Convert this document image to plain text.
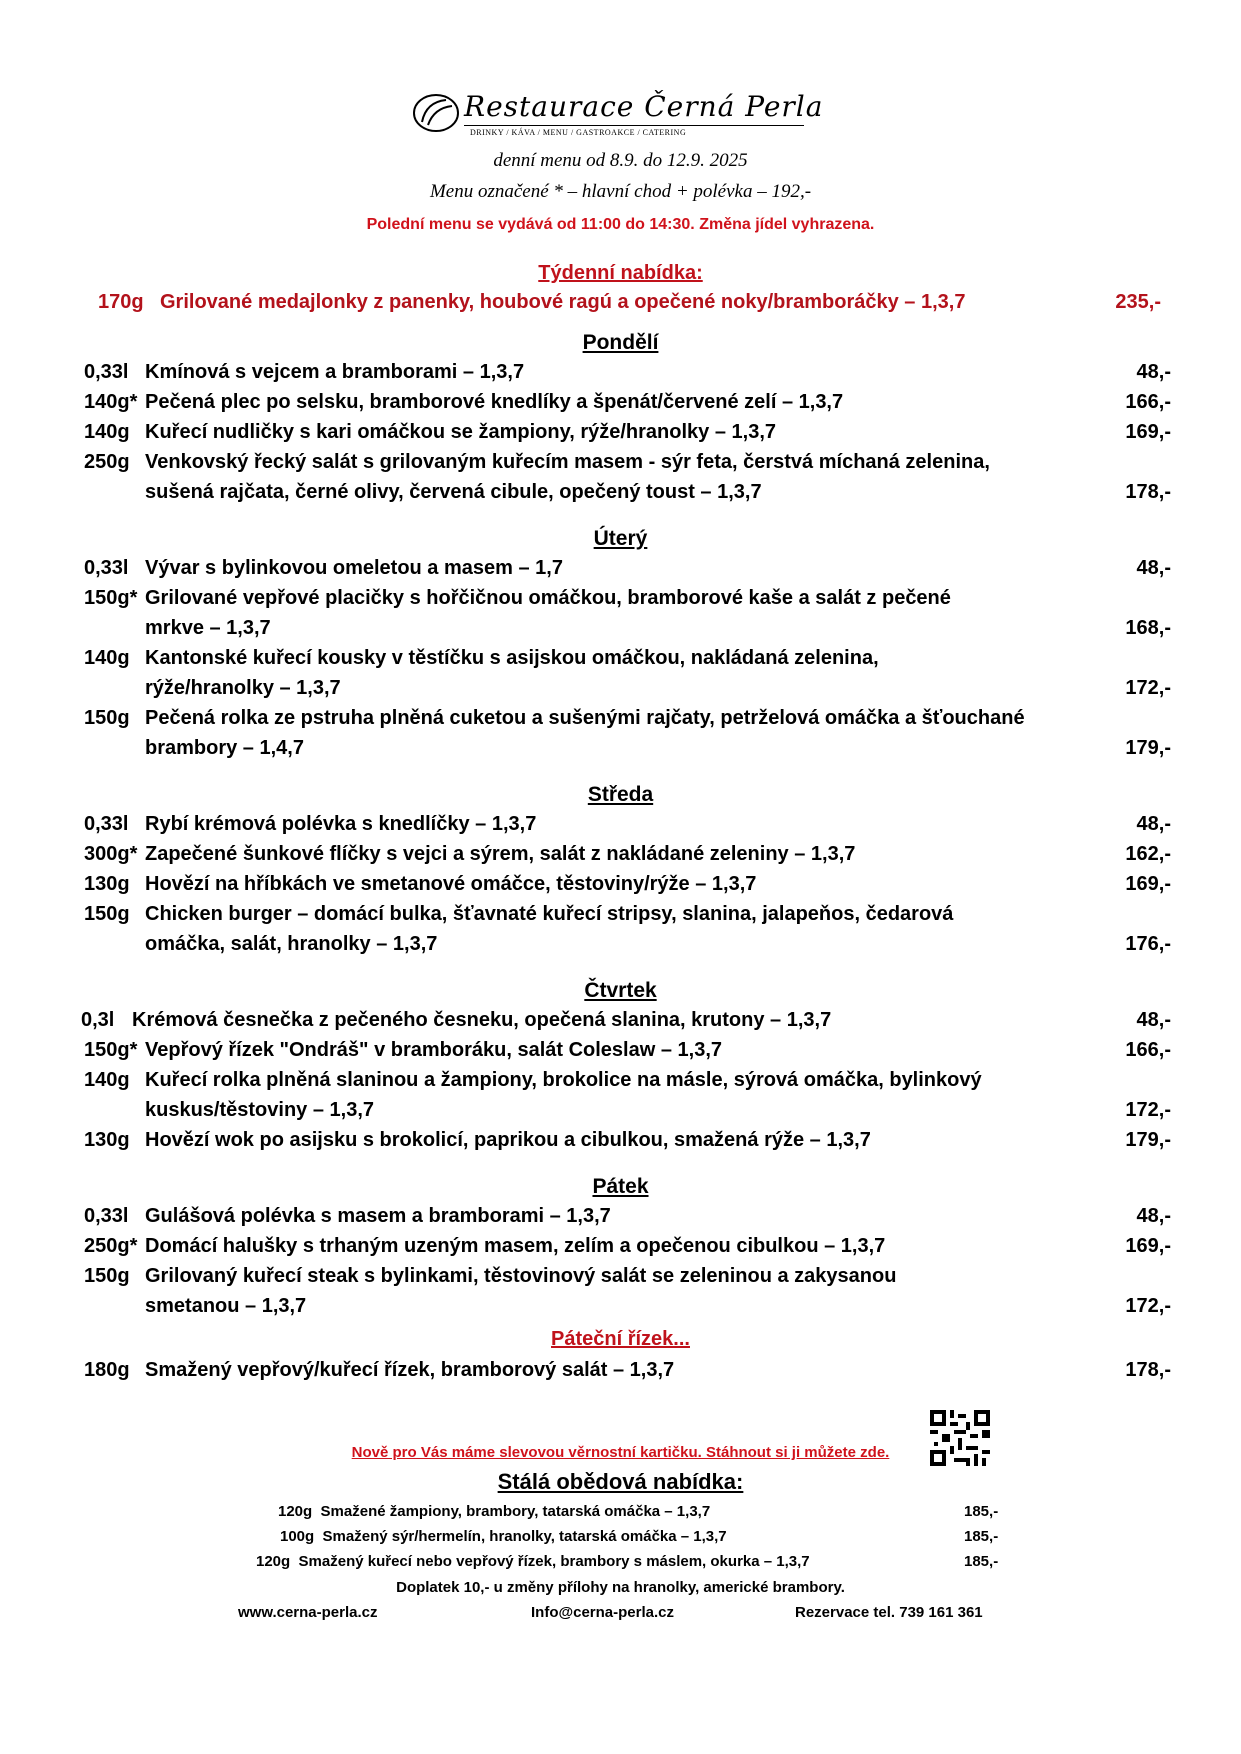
Restaurace Černá Perla
DRINKY / KÁVA / MENU / GASTROAKCE / CATERING
denní menu od 8.9. do 12.9. 2025
Menu označené * – hlavní chod + polévka – 192,-
Polední menu se vydává od 11:00 do 14:30. Změna jídel vyhrazena.
Týdenní nabídka:
170g Grilované medajlonky z panenky, houbové ragú a opečené noky/bramboráčky – 1,3,7	235,-
Pondělí
0,33l Kmínová s vejcem a bramborami – 1,3,7	48,-
140g* Pečená plec po selsku, bramborové knedlíky a špenát/červené zelí – 1,3,7	166,-
140g Kuřecí nudličky s kari omáčkou se žampiony, rýže/hranolky – 1,3,7	169,-
250g Venkovský řecký salát s grilovaným kuřecím masem - sýr feta, čerstvá míchaná zelenina,
sušená rajčata, černé olivy, červená cibule, opečený toust – 1,3,7	178,-
Úterý
0,33l Vývar s bylinkovou omeletou a masem – 1,7	48,-
150g* Grilované vepřové placičky s hořčičnou omáčkou, bramborové kaše a salát z pečené
mrkve – 1,3,7	168,-
140g Kantonské kuřecí kousky v těstíčku s asijskou omáčkou, nakládaná zelenina,
rýže/hranolky – 1,3,7	172,-
150g Pečená rolka ze pstruha plněná cuketou a sušenými rajčaty, petrželová omáčka a šťouchané
brambory – 1,4,7	179,-
Středa
0,33l Rybí krémová polévka s knedlíčky – 1,3,7	48,-
300g* Zapečené šunkové flíčky s vejci a sýrem, salát z nakládané zeleniny – 1,3,7	162,-
130g Hovězí na hříbkách ve smetanové omáčce, těstoviny/rýže – 1,3,7	169,-
150g Chicken burger – domácí bulka, šťavnaté kuřecí stripsy, slanina, jalapeňos, čedarová
omáčka, salát, hranolky – 1,3,7	176,-
Čtvrtek
0,3l Krémová česnečka z pečeného česneku, opečená slanina, krutony – 1,3,7	48,-
150g* Vepřový řízek "Ondráš" v bramboráku, salát Coleslaw – 1,3,7	166,-
140g Kuřecí rolka plněná slaninou a žampiony, brokolice na másle, sýrová omáčka, bylinkový
kuskus/těstoviny – 1,3,7	172,-
130g Hovězí wok po asijsku s brokolicí, paprikou a cibulkou, smažená rýže – 1,3,7	179,-
Pátek
0,33l Gulášová polévka s masem a bramborami – 1,3,7	48,-
250g* Domácí halušky s trhaným uzeným masem, zelím a opečenou cibulkou – 1,3,7	169,-
150g Grilovaný kuřecí steak s bylinkami, těstovinový salát se zeleninou a zakysanou
smetanou – 1,3,7	172,-
Páteční řízek...
180g Smažený vepřový/kuřecí řízek, bramborový salát – 1,3,7	178,-
Nově pro Vás máme slevovou věrnostní kartičku. Stáhnout si ji můžete zde.
Stálá obědová nabídka:
120g Smažené žampiony, brambory, tatarská omáčka – 1,3,7	185,-
100g Smažený sýr/hermelín, hranolky, tatarská omáčka – 1,3,7	185,-
120g Smažený kuřecí nebo vepřový řízek, brambory s máslem, okurka – 1,3,7	185,-
Doplatek 10,- u změny přílohy na hranolky, americké brambory.
www.cerna-perla.cz	Info@cerna-perla.cz	Rezervace tel. 739 161 361
